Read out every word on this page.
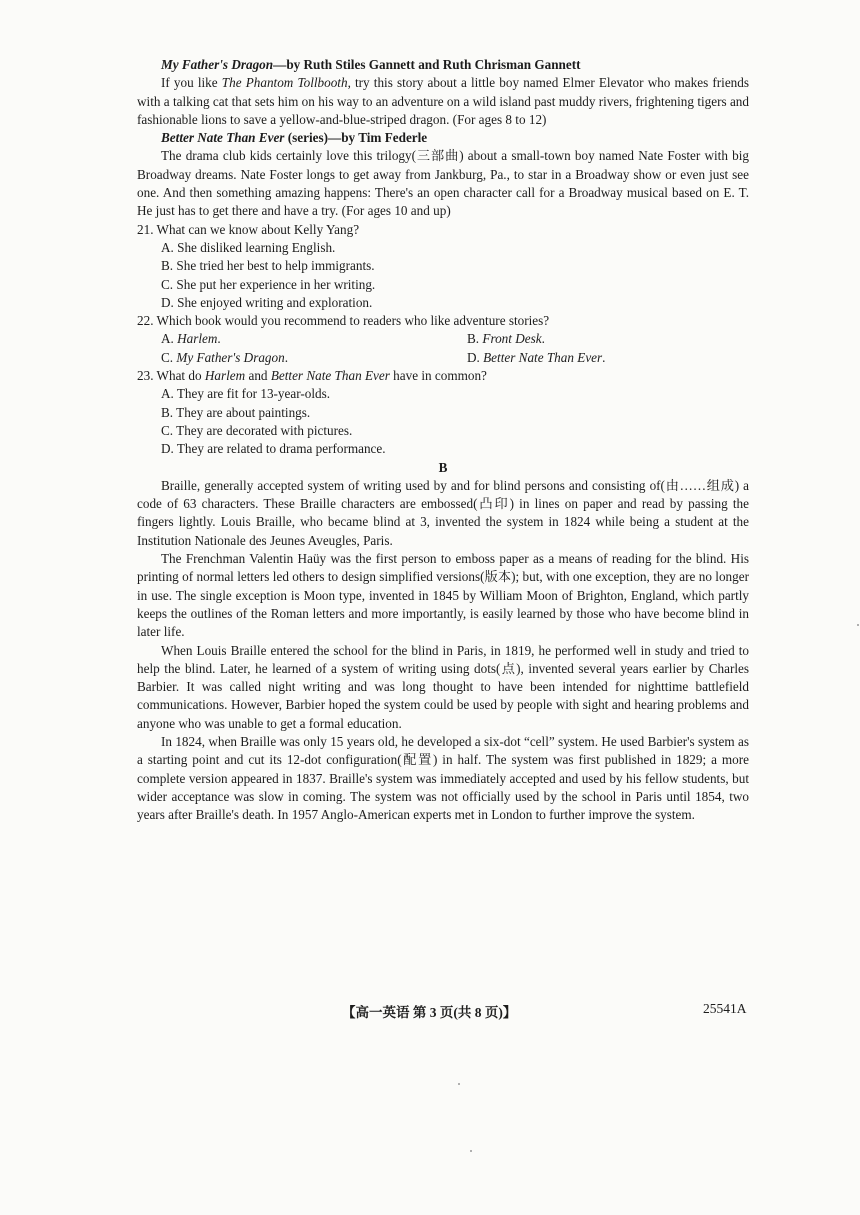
My Father's Dragon—by Ruth Stiles Gannett and Ruth Chrisman Gannett

If you like The Phantom Tollbooth, try this story about a little boy named Elmer Elevator who makes friends with a talking cat that sets him on his way to an adventure on a wild island past muddy rivers, frightening tigers and fashionable lions to save a yellow-and-blue-striped dragon. (For ages 8 to 12)

Better Nate Than Ever (series)—by Tim Federle

The drama club kids certainly love this trilogy(三部曲) about a small-town boy named Nate Foster with big Broadway dreams. Nate Foster longs to get away from Jankburg, Pa., to star in a Broadway show or even just see one. And then something amazing happens: There's an open character call for a Broadway musical based on E. T. He just has to get there and have a try. (For ages 10 and up)

21. What can we know about Kelly Yang?

A. She disliked learning English.

B. She tried her best to help immigrants.

C. She put her experience in her writing.

D. She enjoyed writing and exploration.

22. Which book would you recommend to readers who like adventure stories?

A. Harlem.	B. Front Desk.
C. My Father's Dragon.	D. Better Nate Than Ever.

23. What do Harlem and Better Nate Than Ever have in common?

A. They are fit for 13-year-olds.

B. They are about paintings.

C. They are decorated with pictures.

D. They are related to drama performance.

B

Braille, generally accepted system of writing used by and for blind persons and consisting of(由……组成) a code of 63 characters. These Braille characters are embossed(凸印) in lines on paper and read by passing the fingers lightly. Louis Braille, who became blind at 3, invented the system in 1824 while being a student at the Institution Nationale des Jeunes Aveugles, Paris.

The Frenchman Valentin Haüy was the first person to emboss paper as a means of reading for the blind. His printing of normal letters led others to design simplified versions(版本); but, with one exception, they are no longer in use. The single exception is Moon type, invented in 1845 by William Moon of Brighton, England, which partly keeps the outlines of the Roman letters and more importantly, is easily learned by those who have become blind in later life.

When Louis Braille entered the school for the blind in Paris, in 1819, he performed well in study and tried to help the blind. Later, he learned of a system of writing using dots(点), invented several years earlier by Charles Barbier. It was called night writing and was long thought to have been intended for nighttime battlefield communications. However, Barbier hoped the system could be used by people with sight and hearing problems and anyone who was unable to get a formal education.

In 1824, when Braille was only 15 years old, he developed a six-dot “cell” system. He used Barbier's system as a starting point and cut its 12-dot configuration(配置) in half. The system was first published in 1829; a more complete version appeared in 1837. Braille's system was immediately accepted and used by his fellow students, but wider acceptance was slow in coming. The system was not officially used by the school in Paris until 1854, two years after Braille's death. In 1957 Anglo-American experts met in London to further improve the system.

【高一英语 第 3 页(共 8 页)】	25541A
